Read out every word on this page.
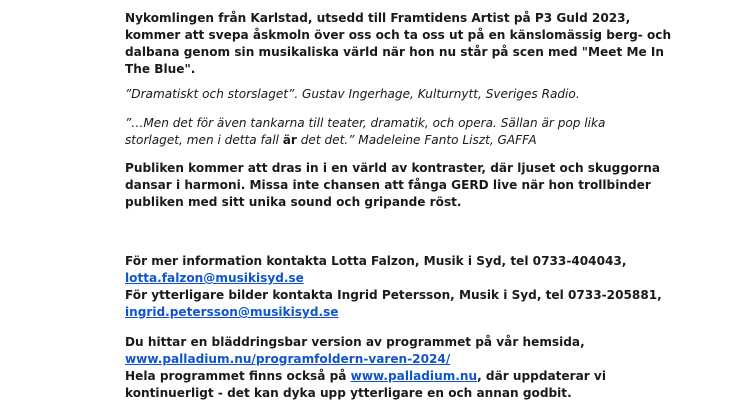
Nykomlingen från Karlstad, utsedd till Framtidens Artist på P3 Guld 2023,
kommer att svepa åskmoln över oss och ta oss ut på en känslomässig berg- och
dalbana genom sin musikaliska värld när hon nu står på scen med "Meet Me In
The Blue".

”Dramatiskt och storslaget”. Gustav Ingerhage, Kulturnytt, Sveriges Radio.

”…Men det för även tankarna till teater, dramatik, och opera. Sällan är pop lika
storlaget, men i detta fall är det det.” Madeleine Fanto Liszt, GAFFA

Publiken kommer att dras in i en värld av kontraster, där ljuset och skuggorna
dansar i harmoni. Missa inte chansen att fånga GERD live när hon trollbinder
publiken med sitt unika sound och gripande röst.

För mer information kontakta Lotta Falzon, Musik i Syd, tel 0733-404043,
lotta.falzon@musikisyd.se
För ytterligare bilder kontakta Ingrid Petersson, Musik i Syd, tel 0733-205881,
ingrid.petersson@musikisyd.se

Du hittar en bläddringsbar version av programmet på vår hemsida,
www.palladium.nu/programfoldern-varen-2024/
Hela programmet finns också på www.palladium.nu, där uppdaterar vi
kontinuerligt - det kan dyka upp ytterligare en och annan godbit.
